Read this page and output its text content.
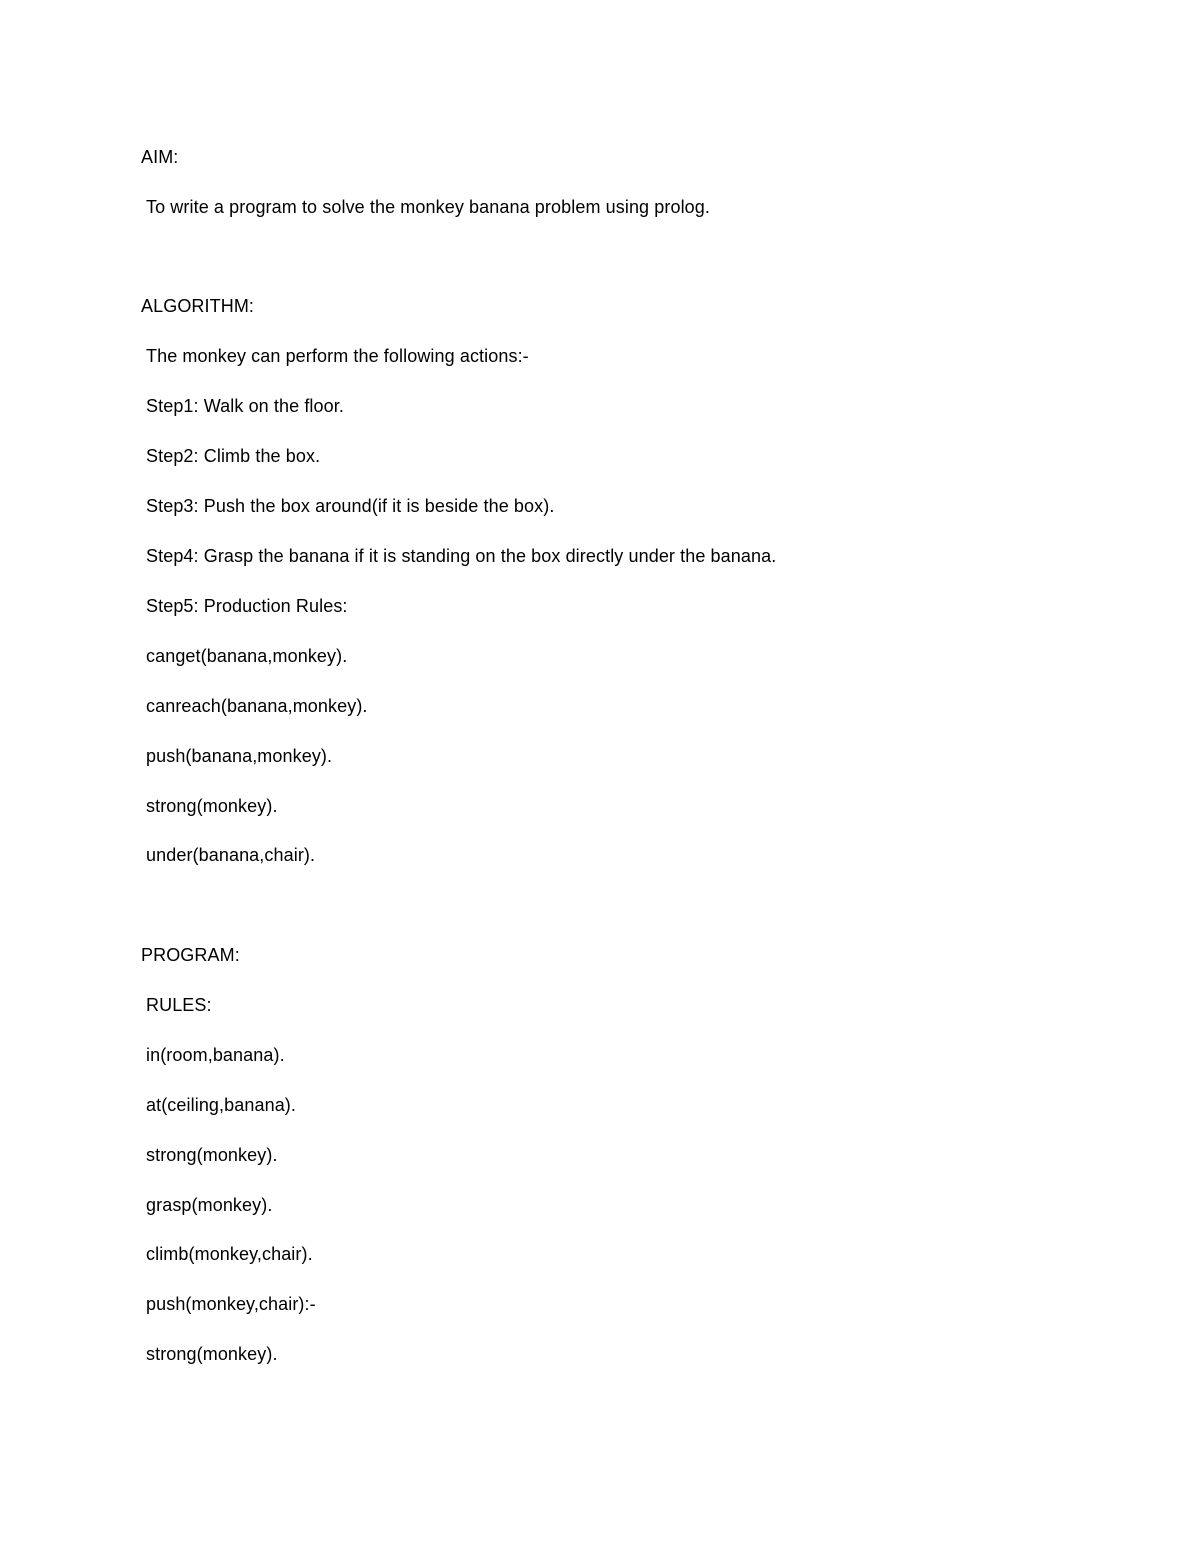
AIM:
To write a program to solve the monkey banana problem using prolog.
ALGORITHM:
The monkey can perform the following actions:-
Step1: Walk on the floor.
Step2: Climb the box.
Step3: Push the box around(if it is beside the box).
Step4: Grasp the banana if it is standing on the box directly under the banana.
Step5: Production Rules:
canget(banana,monkey).
canreach(banana,monkey).
push(banana,monkey).
strong(monkey).
under(banana,chair).
PROGRAM:
RULES:
in(room,banana).
at(ceiling,banana).
strong(monkey).
grasp(monkey).
climb(monkey,chair).
push(monkey,chair):-
strong(monkey).
